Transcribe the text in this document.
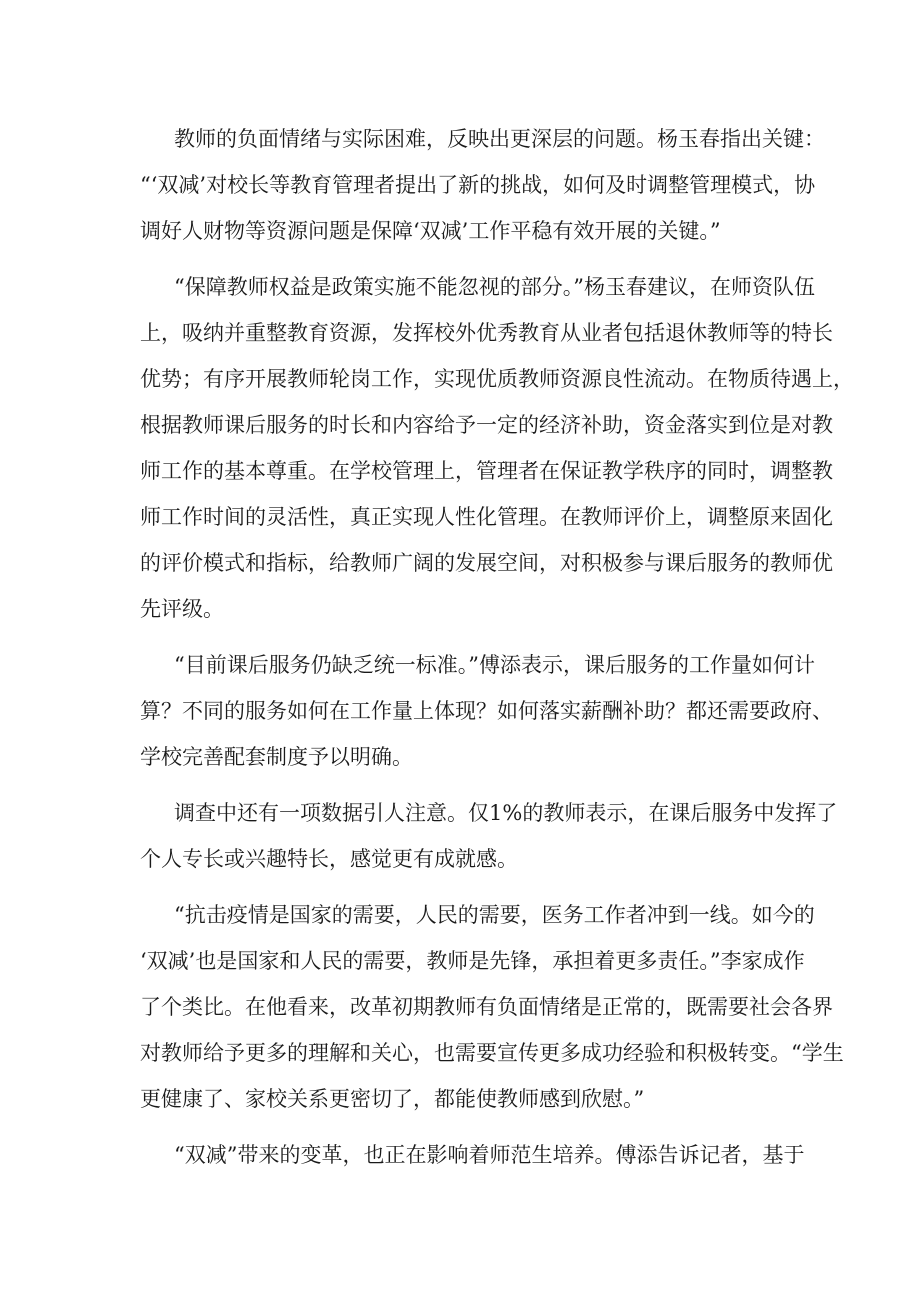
教师的负面情绪与实际困难，反映出更深层的问题。杨玉春指出关键：
“‘双减’对校长等教育管理者提出了新的挑战，如何及时调整管理模式，协
调好人财物等资源问题是保障‘双减’工作平稳有效开展的关键。”
“保障教师权益是政策实施不能忽视的部分。”杨玉春建议，在师资队伍
上，吸纳并重整教育资源，发挥校外优秀教育从业者包括退休教师等的特长
优势；有序开展教师轮岗工作，实现优质教师资源良性流动。在物质待遇上，
根据教师课后服务的时长和内容给予一定的经济补助，资金落实到位是对教
师工作的基本尊重。在学校管理上，管理者在保证教学秩序的同时，调整教
师工作时间的灵活性，真正实现人性化管理。在教师评价上，调整原来固化
的评价模式和指标，给教师广阔的发展空间，对积极参与课后服务的教师优
先评级。
“目前课后服务仍缺乏统一标准。”傅添表示，课后服务的工作量如何计
算？不同的服务如何在工作量上体现？如何落实薪酬补助？都还需要政府、
学校完善配套制度予以明确。
调查中还有一项数据引人注意。仅1%的教师表示，在课后服务中发挥了
个人专长或兴趣特长，感觉更有成就感。
“抗击疫情是国家的需要，人民的需要，医务工作者冲到一线。如今的
‘双减’也是国家和人民的需要，教师是先锋，承担着更多责任。”李家成作
了个类比。在他看来，改革初期教师有负面情绪是正常的，既需要社会各界
对教师给予更多的理解和关心，也需要宣传更多成功经验和积极转变。“学生
更健康了、家校关系更密切了，都能使教师感到欣慰。”
“双减”带来的变革，也正在影响着师范生培养。傅添告诉记者，基于
